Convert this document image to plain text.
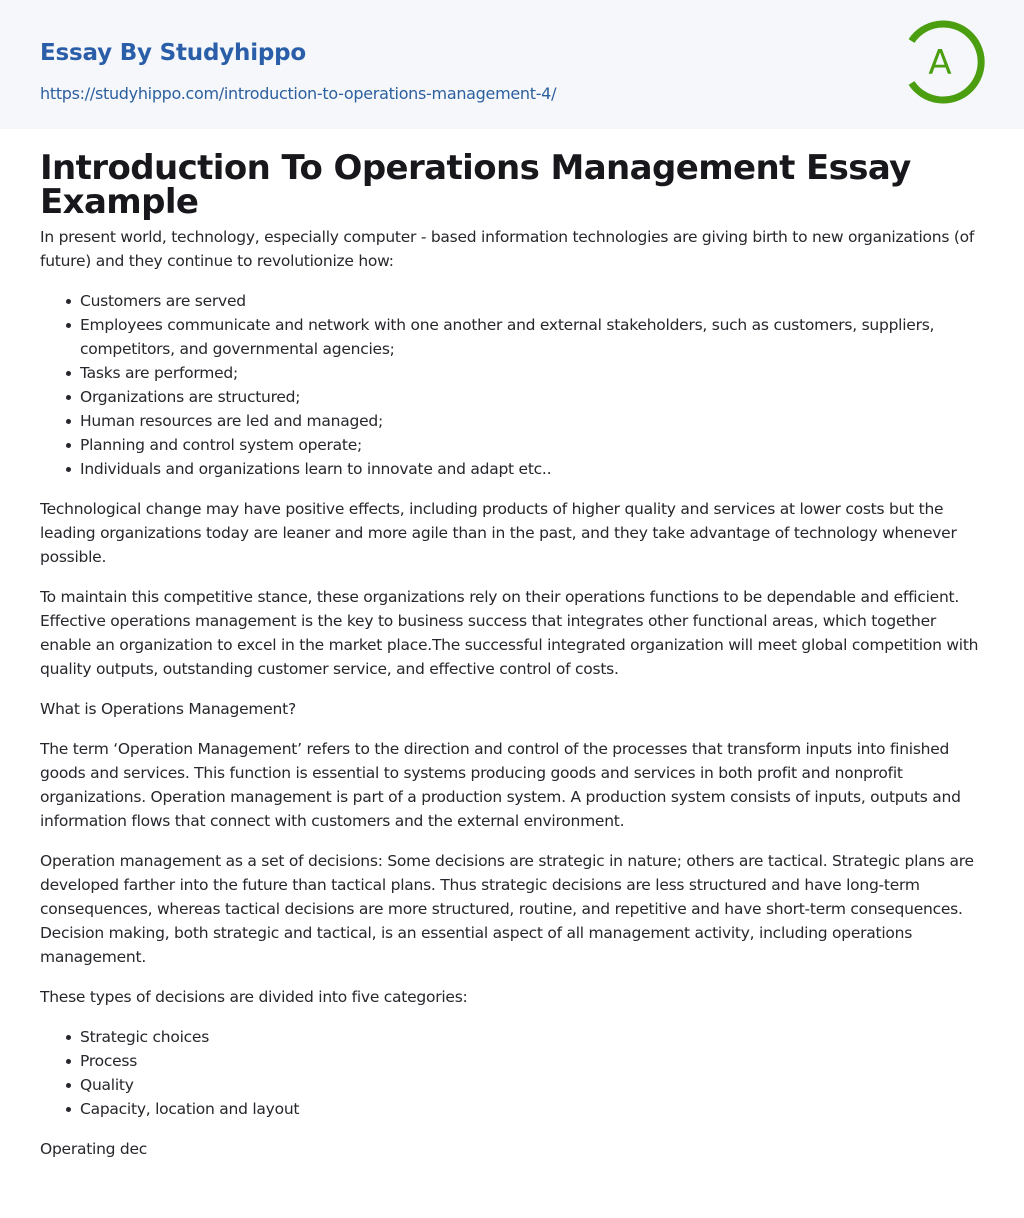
Essay By Studyhippo
https://studyhippo.com/introduction-to-operations-management-4/
A
Introduction To Operations Management Essay Example

In present world, technology, especially computer - based information technologies are giving birth to new organizations (of future) and they continue to revolutionize how:

Customers are served
Employees communicate and network with one another and external stakeholders, such as customers, suppliers, competitors, and governmental agencies;
Tasks are performed;
Organizations are structured;
Human resources are led and managed;
Planning and control system operate;
Individuals and organizations learn to innovate and adapt etc..

Technological change may have positive effects, including products of higher quality and services at lower costs but the leading organizations today are leaner and more agile than in the past, and they take advantage of technology whenever possible.

To maintain this competitive stance, these organizations rely on their operations functions to be dependable and efficient. Effective operations management is the key to business success that integrates other functional areas, which together enable an organization to excel in the market place.The successful integrated organization will meet global competition with quality outputs, outstanding customer service, and effective control of costs.

What is Operations Management?

The term ‘Operation Management’ refers to the direction and control of the processes that transform inputs into finished goods and services. This function is essential to systems producing goods and services in both profit and nonprofit organizations. Operation management is part of a production system. A production system consists of inputs, outputs and information flows that connect with customers and the external environment.

Operation management as a set of decisions: Some decisions are strategic in nature; others are tactical. Strategic plans are developed farther into the future than tactical plans. Thus strategic decisions are less structured and have long-term consequences, whereas tactical decisions are more structured, routine, and repetitive and have short-term consequences. Decision making, both strategic and tactical, is an essential aspect of all management activity, including operations management.

These types of decisions are divided into five categories:

Strategic choices
Process
Quality
Capacity, location and layout

Operating dec
